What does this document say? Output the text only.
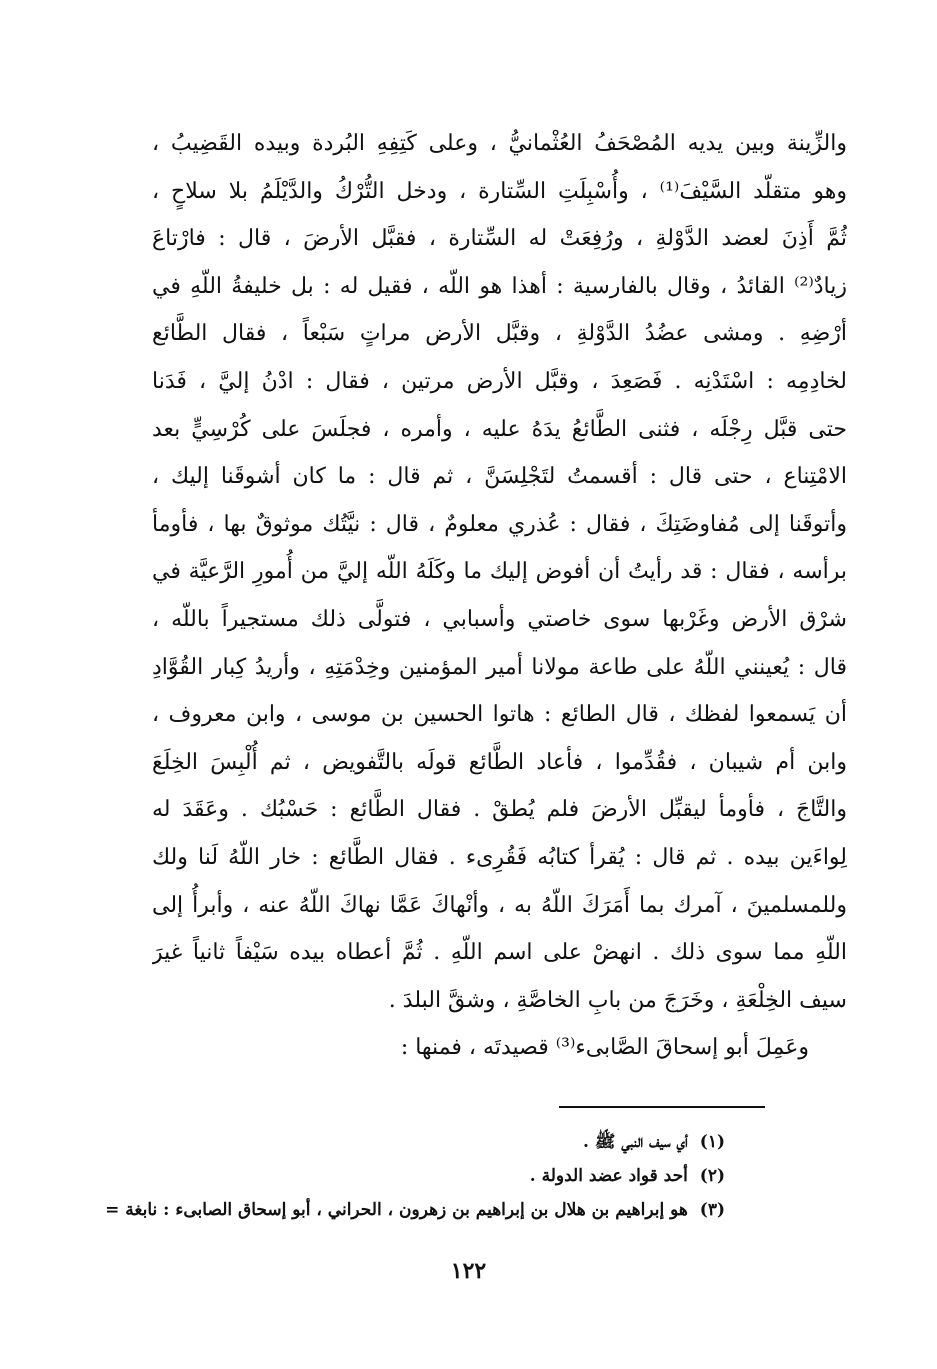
والزِّينة وبين يديه المُصْحَفُ العُثْمانيُّ ، وعلى كَتِفِهِ البُردة وبيده القَضِيبُ ،
وهو متقلّد السَّيْفَ⁽¹⁾ ، وأُسْبِلَتِ السِّتارة ، ودخل التُّرْكُ والدَّيْلَمُ بلا سلاحٍ ،
ثُمَّ أَذِنَ لعضد الدَّوْلةِ ، ورُفِعَتْ له السِّتارة ، فقبَّل الأرضَ ، قال : فارْتاعَ
زيادٌ⁽²⁾ القائدُ ، وقال بالفارسية : أهذا هو اللّه ، فقيل له : بل خليفةُ اللّهِ في
أرْضِهِ . ومشى عضُدُ الدَّوْلةِ ، وقبَّل الأرض مراتٍ سَبْعاً ، فقال الطَّائع
لخادِمِه : اسْتَدْنِه . فَصَعِدَ ، وقبَّل الأرض مرتين ، فقال : ادْنُ إليَّ ، فَدَنا
حتى قبَّل رِجْلَه ، فثنى الطَّائعُ يدَهُ عليه ، وأمره ، فجلَسَ على كُرْسِيٍّ بعد
الامْتِناع ، حتى قال : أقسمتُ لتَجْلِسَنَّ ، ثم قال : ما كان أشوقَنا إليك ،
وأتوقَنا إلى مُفاوضَتِكَ ، فقال : عُذري معلومٌ ، قال : نيَّتُك موثوقٌ بها ، فأومأ
برأسه ، فقال : قد رأيتُ أن أفوض إليك ما وكَلَهُ اللّه إليَّ من أُمورِ الرَّعيَّة في
شرْق الأرض وغَرْبها سوى خاصتي وأسبابي ، فتولَّى ذلك مستجيراً باللّه ،
قال : يُعينني اللّهُ على طاعة مولانا أمير المؤمنين وخِدْمَتِهِ ، وأريدُ كِبار القُوَّادِ
أن يَسمعوا لفظك ، قال الطائع : هاتوا الحسين بن موسى ، وابن معروف ،
وابن أم شيبان ، فقُدِّموا ، فأعاد الطَّائع قولَه بالتَّفويض ، ثم أُلْبِسَ الخِلَعَ
والتَّاجَ ، فأومأ ليقبِّل الأرضَ فلم يُطقْ . فقال الطَّائع : حَسْبُك . وعَقَدَ له
لِواءَين بيده . ثم قال : يُقرأ كتابُه فَقُرِىء . فقال الطَّائع : خار اللّهُ لَنا ولك
وللمسلمينَ ، آمرك بما أَمَرَكَ اللّهُ به ، وأنْهاكَ عَمَّا نهاكَ اللّهُ عنه ، وأبرأُ إلى
اللّهِ مما سوى ذلك . انهضْ على اسم اللّهِ . ثُمَّ أعطاه بيده سَيْفاً ثانياً غيرَ
سيف الخِلْعَةِ ، وخَرَجَ من بابِ الخاصَّةِ ، وشقَّ البلدَ .
وعَمِلَ أبو إسحاقَ الصَّابىء⁽³⁾ قصيدتَه ، فمنها :
(١) أي سيف النبي ﷺ .
(٢) أحد قواد عضد الدولة .
(٣) هو إبراهيم بن هلال بن إبراهيم بن زهرون ، الحراني ، أبو إسحاق الصابىء : نابغة =
١٢٢
